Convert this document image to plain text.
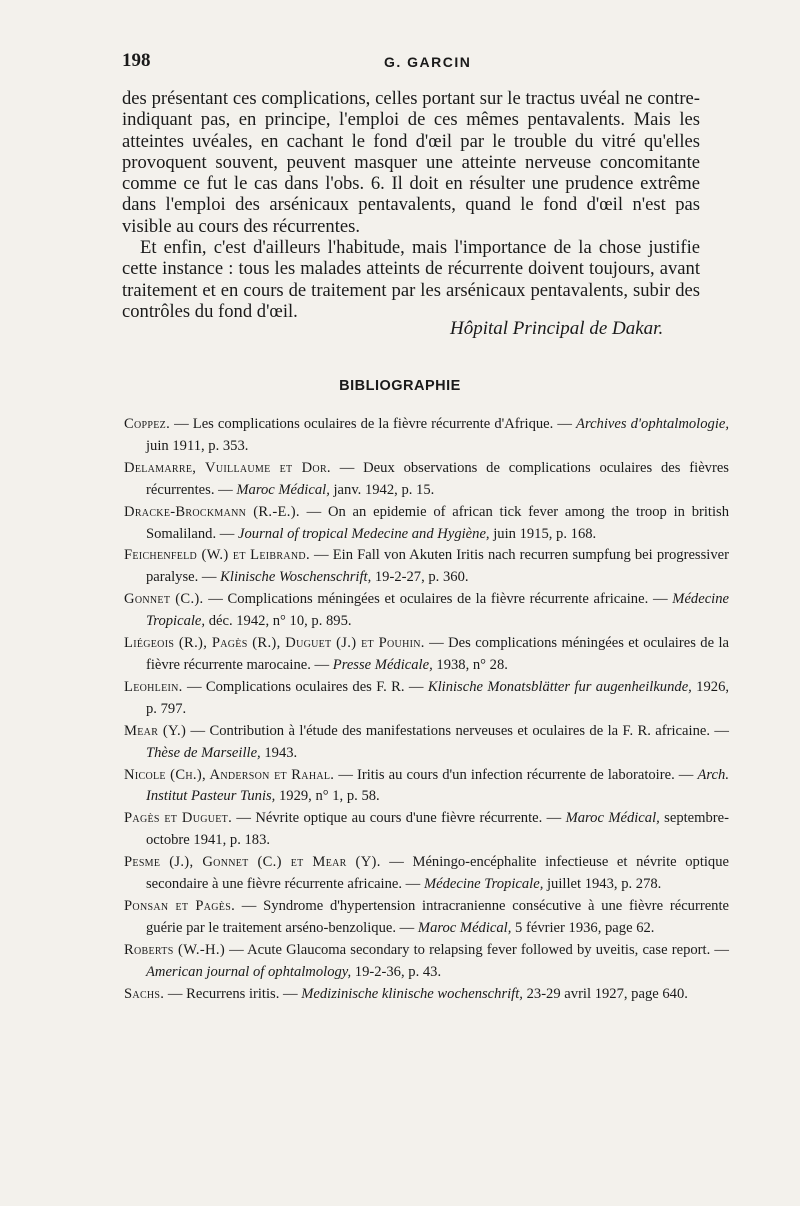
198	G. GARCIN

des présentant ces complications, celles portant sur le tractus uvéal ne contre-indiquant pas, en principe, l'emploi de ces mêmes pentavalents. Mais les atteintes uvéales, en cachant le fond d'œil par le trouble du vitré qu'elles provoquent souvent, peuvent masquer une atteinte nerveuse concomitante comme ce fut le cas dans l'obs. 6. Il doit en résulter une prudence extrême dans l'emploi des arsénicaux pentavalents, quand le fond d'œil n'est pas visible au cours des récurrentes.

Et enfin, c'est d'ailleurs l'habitude, mais l'importance de la chose justifie cette instance : tous les malades atteints de récurrente doivent toujours, avant traitement et en cours de traitement par les arsénicaux pentavalents, subir des contrôles du fond d'œil.

Hôpital Principal de Dakar.
BIBLIOGRAPHIE

Coppez. — Les complications oculaires de la fièvre récurrente d'Afrique. — Archives d'ophtalmologie, juin 1911, p. 353.

Delamarre, Vuillaume et Dor. — Deux observations de complications oculaires des fièvres récurrentes. — Maroc Médical, janv. 1942, p. 15.

Dracke-Brockmann (R.-E.). — On an epidemie of african tick fever among the troop in british Somaliland. — Journal of tropical Medecine and Hygiène, juin 1915, p. 168.

Feichenfeld (W.) et Leibrand. — Ein Fall von Akuten Iritis nach recurren sumpfung bei progressiver paralyse. — Klinische Woschenschrift, 19-2-27, p. 360.

Gonnet (C.). — Complications méningées et oculaires de la fièvre récurrente africaine. — Médecine Tropicale, déc. 1942, n° 10, p. 895.

Liégeois (R.), Pagès (R.), Duguet (J.) et Pouhin. — Des complications méningées et oculaires de la fièvre récurrente marocaine. — Presse Médicale, 1938, n° 28.

Leohlein. — Complications oculaires des F. R. — Klinische Monatsblätter fur augenheilkunde, 1926, p. 797.

Mear (Y.) — Contribution à l'étude des manifestations nerveuses et oculaires de la F. R. africaine. — Thèse de Marseille, 1943.

Nicole (Ch.), Anderson et Rahal. — Iritis au cours d'un infection récurrente de laboratoire. — Arch. Institut Pasteur Tunis, 1929, n° 1, p. 58.

Pagès et Duguet. — Névrite optique au cours d'une fièvre récurrente. — Maroc Médical, septembre-octobre 1941, p. 183.

Pesme (J.), Gonnet (C.) et Mear (Y). — Méningo-encéphalite infectieuse et névrite optique secondaire à une fièvre récurrente africaine. — Médecine Tropicale, juillet 1943, p. 278.

Ponsan et Pagès. — Syndrome d'hypertension intracranienne consécutive à une fièvre récurrente guérie par le traitement arséno-benzolique. — Maroc Médical, 5 février 1936, page 62.

Roberts (W.-H.) — Acute Glaucoma secondary to relapsing fever followed by uveitis, case report. — American journal of ophtalmology, 19-2-36, p. 43.

Sachs. — Recurrens iritis. — Medizinische klinische wochenschrift, 23-29 avril 1927, page 640.
